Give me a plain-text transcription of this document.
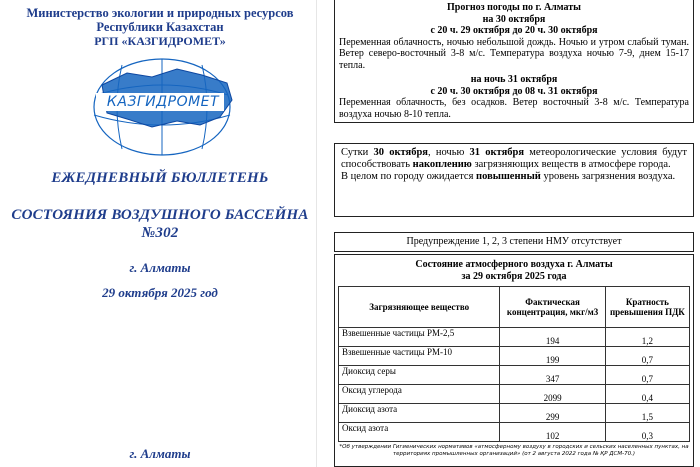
Министерство экологии и природных ресурсов
Республики Казахстан
РГП «КАЗГИДРОМЕТ»
КАЗГИДРОМЕТ
ЕЖЕДНЕВНЫЙ БЮЛЛЕТЕНЬ
СОСТОЯНИЯ ВОЗДУШНОГО БАССЕЙНА
№302
г. Алматы
29 октября 2025 год
г. Алматы
Прогноз погоды по г. Алматы
на 30 октября
с 20 ч. 29 октября до 20 ч. 30 октября
Переменная облачность, ночью небольшой дождь. Ночью и утром слабый туман. Ветер северо-восточный 3-8 м/с. Температура воздуха ночью 7-9, днем 15-17 тепла.
на ночь 31 октября
с 20 ч. 30 октября до 08 ч. 31 октября
Переменная облачность, без осадков. Ветер восточный 3-8 м/с. Температура воздуха ночью 8-10 тепла.
Сутки 30 октября, ночью 31 октября метеорологические условия будут способствовать накоплению загрязняющих веществ в атмосфере города.
В целом по городу ожидается повышенный уровень загрязнения воздуха.
Предупреждение 1, 2, 3 степени НМУ отсутствует
Состояние атмосферного воздуха г. Алматы
за 29 октября 2025 года
Загрязняющее вещество	Фактическая концентрация, мкг/м3	Кратность превышения ПДК
Взвешенные частицы РМ-2,5	194	1,2
Взвешенные частицы РМ-10	199	0,7
Диоксид серы	347	0,7
Оксид углерода	2099	0,4
Диоксид азота	299	1,5
Оксид азота	102	0,3
*Об утверждении Гигиенических нормативов «атмосферному воздуху в городских и сельских населенных пунктах, на территориях промышленных организаций» (от 2 августа 2022 года № ҚР ДСМ-70.)
